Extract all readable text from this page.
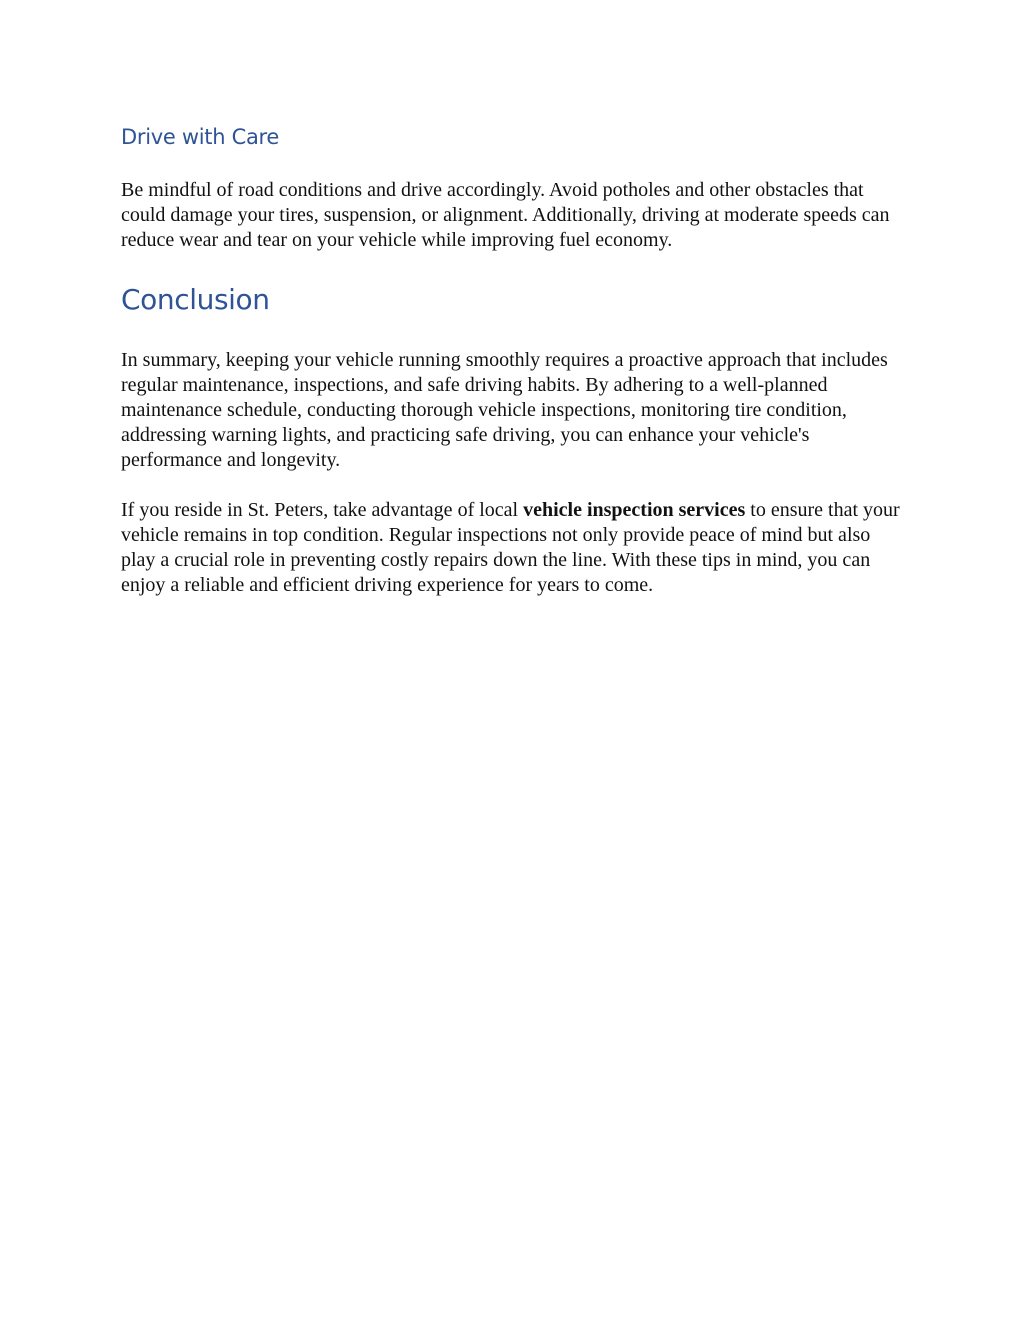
Drive with Care

Be mindful of road conditions and drive accordingly. Avoid potholes and other obstacles that could damage your tires, suspension, or alignment. Additionally, driving at moderate speeds can reduce wear and tear on your vehicle while improving fuel economy.

Conclusion

In summary, keeping your vehicle running smoothly requires a proactive approach that includes regular maintenance, inspections, and safe driving habits. By adhering to a well-planned maintenance schedule, conducting thorough vehicle inspections, monitoring tire condition, addressing warning lights, and practicing safe driving, you can enhance your vehicle's performance and longevity.

If you reside in St. Peters, take advantage of local vehicle inspection services to ensure that your vehicle remains in top condition. Regular inspections not only provide peace of mind but also play a crucial role in preventing costly repairs down the line. With these tips in mind, you can enjoy a reliable and efficient driving experience for years to come.
